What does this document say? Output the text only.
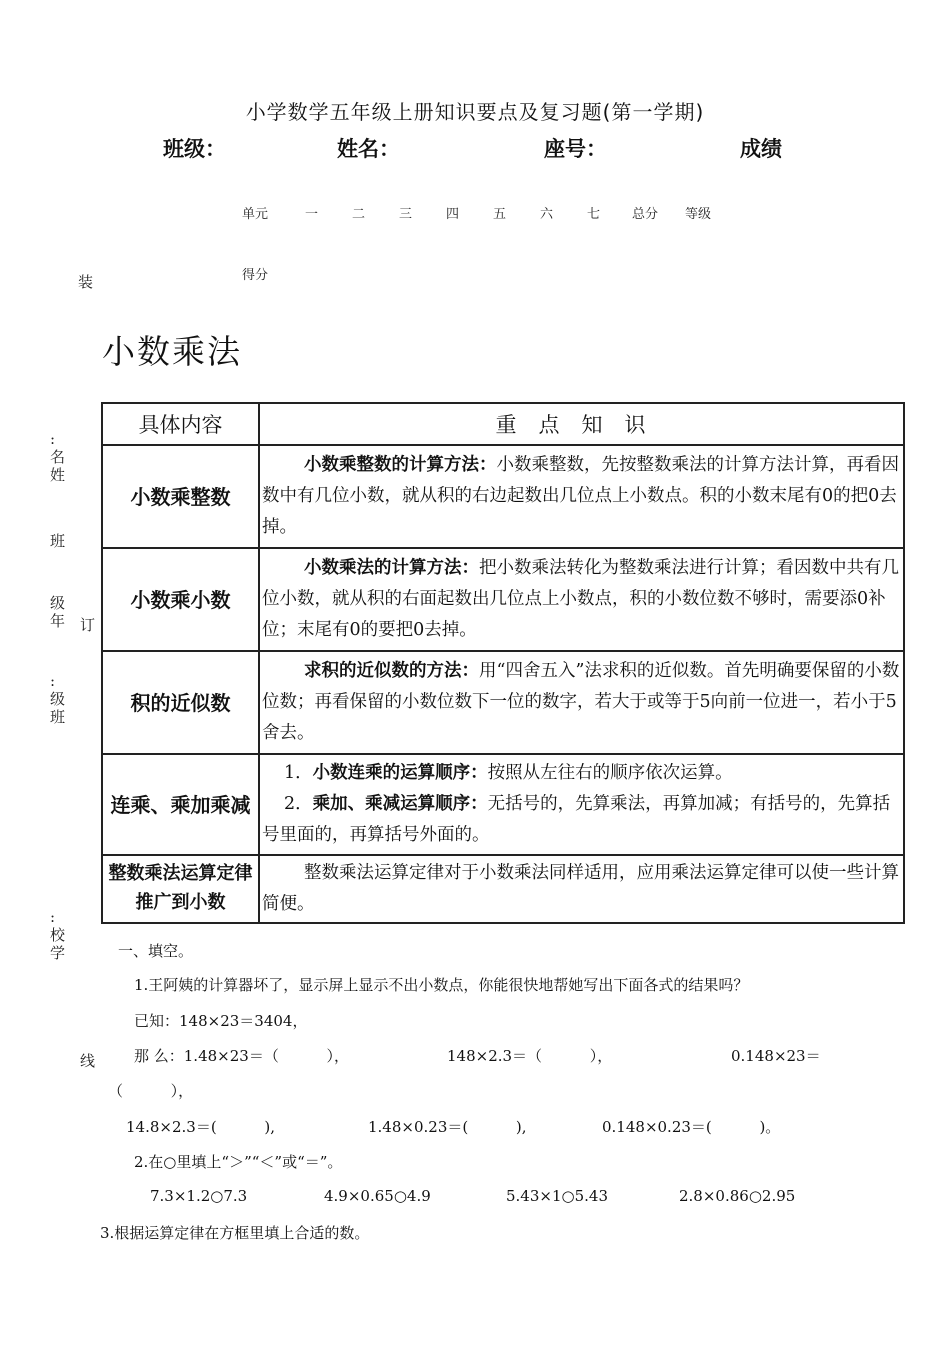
小学数学五年级上册知识要点及复习题(第一学期)
班级：	姓名：	座号：	成绩
单元	一	二	三	四	五	六	七 总分 等级
得分
装
:名姓
班
级年 订
:级班
:校学
线
小数乘法
具体内容	重点知识
小数乘整数	小数乘整数的计算方法：小数乘整数，先按整数乘法的计算方法计算，再看因数中有几位小数，就从积的右边起数出几位点上小数点。积的小数末尾有0的把0去掉。

小数乘小数	小数乘法的计算方法：把小数乘法转化为整数乘法进行计算；看因数中共有几位小数，就从积的右面起数出几位点上小数点，积的小数位数不够时，需要添0补位；末尾有0的要把0去掉。

积的近似数	求积的近似数的方法：用“四舍五入”法求积的近似数。首先明确要保留的小数位数；再看保留的小数位数下一位的数字，若大于或等于5向前一位进一，若小于5舍去。

连乘、乘加乘减	1．小数连乘的运算顺序：按照从左往右的顺序依次运算。
2．乘加、乘减运算顺序：无括号的，先算乘法，再算加减；有括号的，先算括号里面的，再算括号外面的。

整数乘法运算定律推广到小数	整数乘法运算定律对于小数乘法同样适用，应用乘法运算定律可以使一些计算简便。
一、填空。
1.王阿姨的计算器坏了，显示屏上显示不出小数点，你能很快地帮她写出下面各式的结果吗？
已知：148×23＝3404，
那 么：1.48×23＝（          ），	148×2.3＝（          ），	0.148×23＝
（          ），
14.8×2.3＝(          ),	1.48×0.23＝(          ),	0.148×0.23＝(          )。
2.在○里填上“＞”“＜”或“＝”。
7.3×1.2○7.3	4.9×0.65○4.9	5.43×1○5.43	2.8×0.86○2.95
3.根据运算定律在方框里填上合适的数。
